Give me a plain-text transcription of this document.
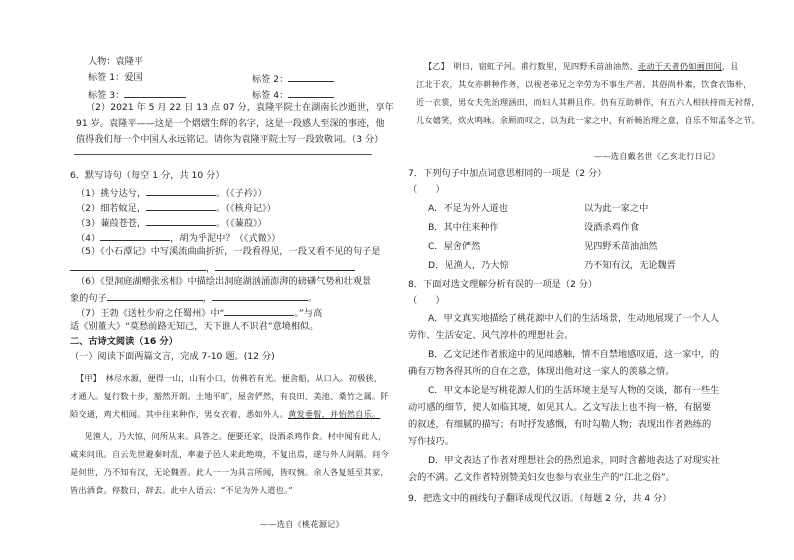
人物：袁隆平
标签 1：爱国	标签 2：
标签 3：	标签 4：
（2）2021 年 5 月 22 日 13 点 07 分，袁隆平院士在湖南长沙逝世，享年
91 岁。袁隆平——这是一个熠熠生辉的名字，这是一段感人至深的事迹，他
值得我们每一个中国人永远铭记。请你为袁隆平院士写一段致敬词。（3 分）
6．默写诗句（每空 1 分，共 10 分）
（1）挑兮达兮，	。（《子衿》）
（2）细若蚊足，	。（《核舟记》）
（3）蒹葭苍苍，	。（《蒹葭》）
（4）	，胡为乎泥中？（《式微》）
（5）《小石潭记》中写溪流曲曲折折，一段看得见，一段又看不见的句子是
，
（6）《望洞庭湖赠张丞相》中描绘出洞庭湖汹涌澎湃的磅礴气势和壮观景
象的句子	，	。
（7）王勃《送杜少府之任蜀州》中“	。”与高
适《别董大》“莫愁前路无知己，天下谁人不识君”意境相似。
二、古诗文阅读（16 分）
（一）阅读下面两篇文言，完成 7-10 题。(12 分)
【甲】　林尽水源，便得一山，山有小口，仿佛若有光。便舍船，从口入。初极狭，
才通人。复行数十步，豁然开朗。土地平旷，屋舍俨然，有良田、美池、桑竹之属。阡
陌交通，鸡犬相闻。其中往来种作，男女衣着，悉如外人。黄发垂髫，并怡然自乐。
　见渔人，乃大惊，问所从来。具答之。便要还家，设酒杀鸡作食。村中闻有此人，
咸来问讯。自云先世避秦时乱，率妻子邑人来此绝境，不复出焉，遂与外人间隔。问今
是何世，乃不知有汉，无论魏晋。此人一一为具言所闻，皆叹惋。余人各复延至其家，
皆出酒食。停数日，辞去。此中人语云：“不足为外人道也。”
——选自《桃花源记》
【乙】　明日，宿虹子河。甫行数里，见四野禾苗油油然，走动于天者仍如画田间，且
江北于农，其女亦耕种作务，以视老弟兄之辛劳为不事生产者。其俗尚朴素，饮食衣饰朴，
近一衣裳，男女夫先治理涵田，而妇人其耕且作。仍有互助耕作，有五六人相扶持而无衬帮，
儿女嬉笑，炊火鸣咏。余顾而叹之，以为此一家之中，有祈畅治理之意，自乐不知孟冬之节。
——选自戴名世《乙亥北行日记》
7．下列句子中加点词意思相同的一项是（2 分）
（　　）
A．不足为外人道也	以为此一家之中
B．其中往来种作	设酒杀鸡作食
C．屋舍俨然	见四野禾苗油油然
D．见渔人，乃大惊	乃不知有汉，无论魏晋
8．下面对选文理解分析有误的一项是（2 分）
（　　）
A．甲文真实地描绘了桃花源中人们的生活场景，生动地展现了一个人人
劳作、生活安定、风气淳朴的理想社会。
B．乙文记述作者旅途中的见闻感触，情不自禁地感叹道，这一家中，的
确有万物各得其所的自在之意，体现出他对这一家人的羡慕之情。
C．甲文本论是写桃花源人们的生活环境主是写人物的交谈，都有一些生
动可感的细节，使人如临其境，如见其人。乙文写法上也不拘一格，有据要
的叙述，有细腻的描写；有时抒发感慨，有时勾勒人物；表现出作者熟练的
写作技巧。
D．甲文表达了作者对理想社会的热烈追求，同时含蓄地表达了对现实社
会的不满。乙文作者特别赞美妇女也参与农业生产的“江北之俗”。
9．把选文中的画线句子翻译成现代汉语。（每题 2 分，共 4 分）
